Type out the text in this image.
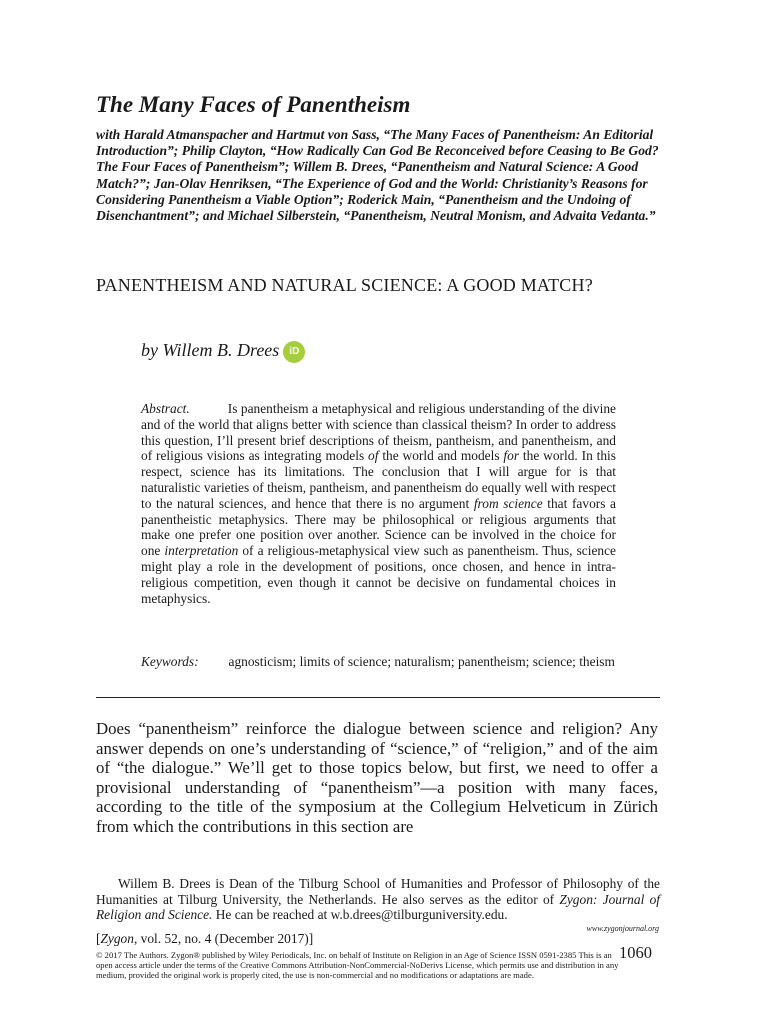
The Many Faces of Panentheism

with Harald Atmanspacher and Hartmut von Sass, “The Many Faces of Panentheism: An Editorial Introduction”; Philip Clayton, “How Radically Can God Be Reconceived before Ceasing to Be God? The Four Faces of Panentheism”; Willem B. Drees, “Panentheism and Natural Science: A Good Match?”; Jan-Olav Henriksen, “The Experience of God and the World: Christianity’s Reasons for Considering Panentheism a Viable Option”; Roderick Main, “Panentheism and the Undoing of Disenchantment”; and Michael Silberstein, “Panentheism, Neutral Monism, and Advaita Vedanta.”

PANENTHEISM AND NATURAL SCIENCE: A GOOD MATCH?

by Willem B. Drees iD

Abstract.	Is panentheism a metaphysical and religious understanding of the divine and of the world that aligns better with science than classical theism? In order to address this question, I’ll present brief descriptions of theism, pantheism, and panentheism, and of religious visions as integrating models of the world and models for the world. In this respect, science has its limitations. The conclusion that I will argue for is that naturalistic varieties of theism, pantheism, and panentheism do equally well with respect to the natural sciences, and hence that there is no argument from science that favors a panentheistic metaphysics. There may be philosophical or religious arguments that make one prefer one position over another. Science can be involved in the choice for one interpretation of a religious-metaphysical view such as panentheism. Thus, science might play a role in the development of positions, once chosen, and hence in intra-religious competition, even though it cannot be decisive on fundamental choices in metaphysics.

Keywords: agnosticism; limits of science; naturalism; panentheism; science; theism

Does “panentheism” reinforce the dialogue between science and religion? Any answer depends on one’s understanding of “science,” of “religion,” and of the aim of “the dialogue.” We’ll get to those topics below, but first, we need to offer a provisional understanding of “panentheism”—a position with many faces, according to the title of the symposium at the Collegium Helveticum in Zürich from which the contributions in this section are

Willem B. Drees is Dean of the Tilburg School of Humanities and Professor of Philosophy of the Humanities at Tilburg University, the Netherlands. He also serves as the editor of Zygon: Journal of Religion and Science. He can be reached at w.b.drees@tilburguniversity.edu.

www.zygonjournal.org

[Zygon, vol. 52, no. 4 (December 2017)]

1060

© 2017 The Authors. Zygon® published by Wiley Periodicals, Inc. on behalf of Institute on Religion in an Age of Science ISSN 0591-2385 This is an open access article under the terms of the Creative Commons Attribution-NonCommercial-NoDerivs License, which permits use and distribution in any medium, provided the original work is properly cited, the use is non-commercial and no modifications or adaptations are made.
